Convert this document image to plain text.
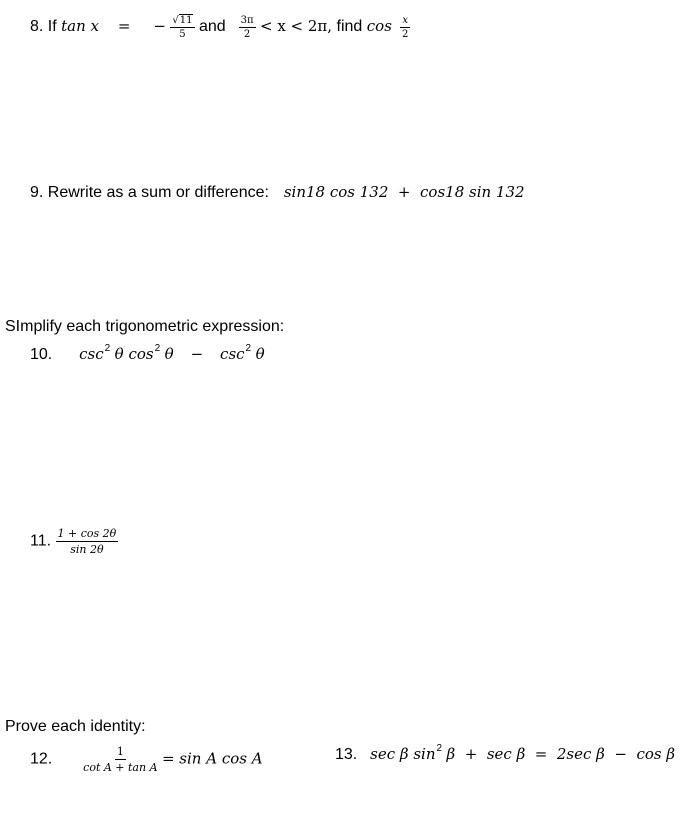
8. If tan x = − $\frac{√11}{5}$ and $\frac{3\pi}{2} < x < 2\pi$, find $\cos \frac{x}{2}$
9. Rewrite as a sum or difference: sin18 cos 132  +  cos18 sin 132
SImplify each trigonometric expression:
10. $\csc^2 \theta$ $\cos^2 \theta - \csc^2 \theta$
11. $\frac{1 + \cos 2\theta}{\sin 2\theta}$
Prove each identity:
12.	$\frac{1}{\text{cot A + tan A}} = \sin A$ cos A	13. sec β $\sin^2 \beta + \sec \beta = 2\sec$ β  −  cos β
